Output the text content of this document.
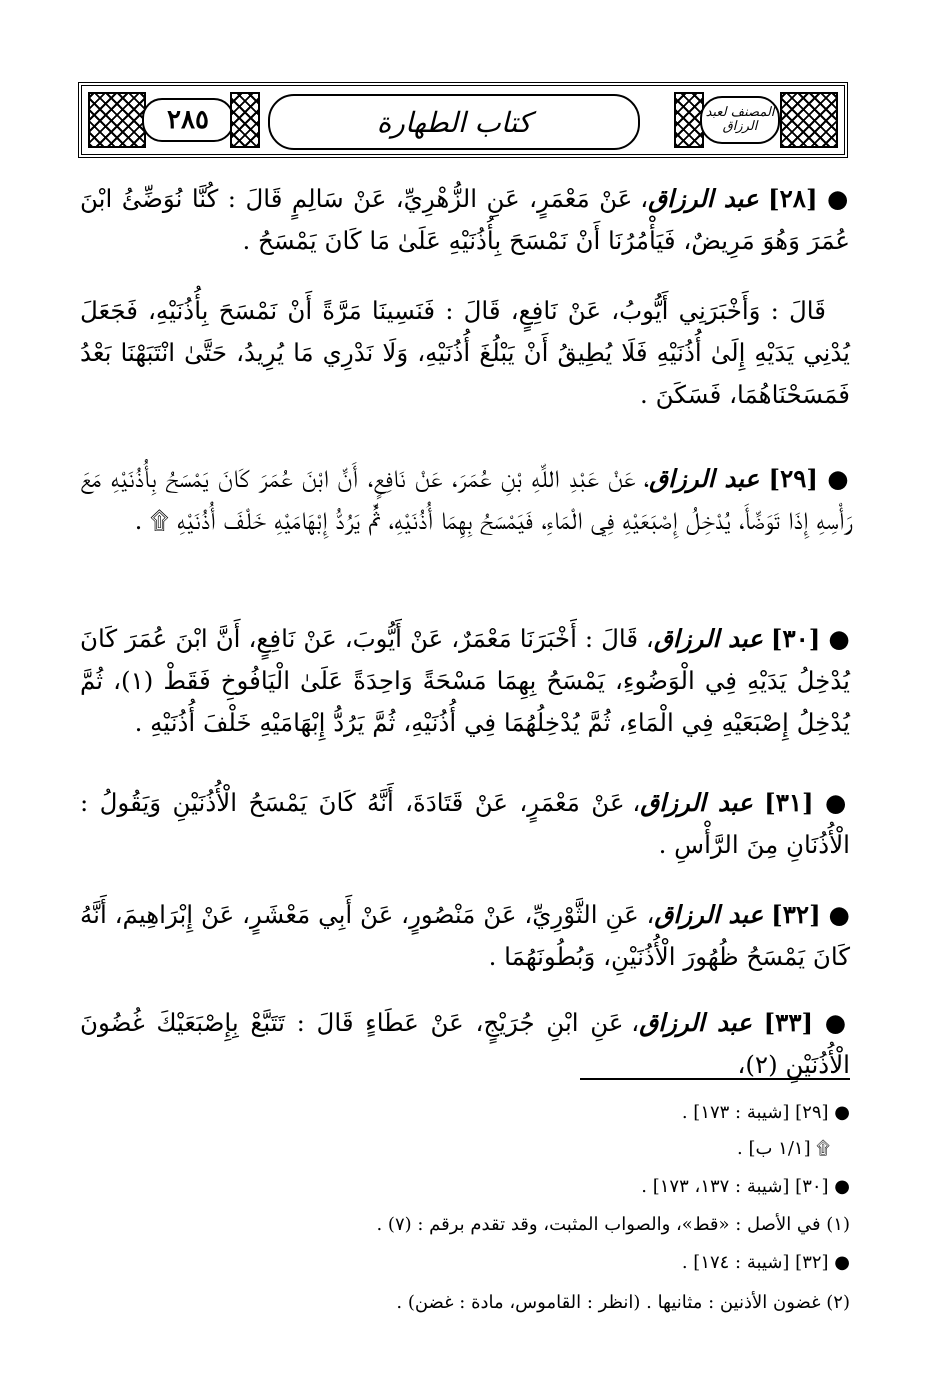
٢٨٥	كتاب الطهارة	المصنف لعبد الرزاق

● [٢٨] عبد الرزاق، عَنْ مَعْمَرٍ، عَنِ الزُّهْرِيِّ، عَنْ سَالِمٍ قَالَ : كُنَّا نُوَضِّئُ ابْنَ عُمَرَ وَهُوَ مَرِيضٌ، فَيَأْمُرُنَا أَنْ نَمْسَحَ بِأُذُنَيْهِ عَلَىٰ مَا كَانَ يَمْسَحُ .

قَالَ : وَأَخْبَرَنِي أَيُّوبُ، عَنْ نَافِعٍ، قَالَ : فَنَسِينَا مَرَّةً أَنْ نَمْسَحَ بِأُذُنَيْهِ، فَجَعَلَ يُدْنِي يَدَيْهِ إِلَىٰ أُذُنَيْهِ فَلَا يُطِيقُ أَنْ يَبْلُغَ أُذُنَيْهِ، وَلَا نَدْرِي مَا يُرِيدُ، حَتَّىٰ انْتَبَهْنَا بَعْدُ فَمَسَحْنَاهُمَا، فَسَكَنَ .

● [٢٩] عبد الرزاق، عَنْ عَبْدِ اللَّهِ بْنِ عُمَرَ، عَنْ نَافِعٍ، أَنَّ ابْنَ عُمَرَ كَانَ يَمْسَحُ بِأُذُنَيْهِ مَعَ رَأْسِهِ إِذَا تَوَضَّأَ، يُدْخِلُ إِصْبَعَيْهِ فِي الْمَاءِ، فَيَمْسَحُ بِهِمَا أُذُنَيْهِ، ثُمَّ يَرُدُّ إِبْهَامَيْهِ خَلْفَ أُذُنَيْهِ ۩ .

● [٣٠] عبد الرزاق، قَالَ : أَخْبَرَنَا مَعْمَرٌ، عَنْ أَيُّوبَ، عَنْ نَافِعٍ، أَنَّ ابْنَ عُمَرَ كَانَ يُدْخِلُ يَدَيْهِ فِي الْوَضُوءِ، يَمْسَحُ بِهِمَا مَسْحَةً وَاحِدَةً عَلَىٰ الْيَافُوخِ فَقَطْ (١)، ثُمَّ يُدْخِلُ إِصْبَعَيْهِ فِي الْمَاءِ، ثُمَّ يُدْخِلُهُمَا فِي أُذُنَيْهِ، ثُمَّ يَرُدُّ إِبْهَامَيْهِ خَلْفَ أُذُنَيْهِ .

● [٣١] عبد الرزاق، عَنْ مَعْمَرٍ، عَنْ قَتَادَةَ، أَنَّهُ كَانَ يَمْسَحُ الْأُذُنَيْنِ وَيَقُولُ : الْأُذُنَانِ مِنَ الرَّأْسِ .

● [٣٢] عبد الرزاق، عَنِ الثَّوْرِيِّ، عَنْ مَنْصُورٍ، عَنْ أَبِي مَعْشَرٍ، عَنْ إِبْرَاهِيمَ، أَنَّهُ كَانَ يَمْسَحُ ظُهُورَ الْأُذُنَيْنِ، وَبُطُونَهُمَا .

● [٣٣] عبد الرزاق، عَنِ ابْنِ جُرَيْجٍ، عَنْ عَطَاءٍ قَالَ : تَتَبَّعْ بِإِصْبَعَيْكَ غُضُونَ الْأُذُنَيْنِ (٢)،

● [٢٩] [شيبة : ١٧٣] .
۩ [١/١ ب] .
● [٣٠] [شيبة : ١٣٧، ١٧٣] .
(١) في الأصل : «قط»، والصواب المثبت، وقد تقدم برقم : (٧) .
● [٣٢] [شيبة : ١٧٤] .
(٢) غضون الأذنين : مثانيها . (انظر : القاموس، مادة : غضن) .
